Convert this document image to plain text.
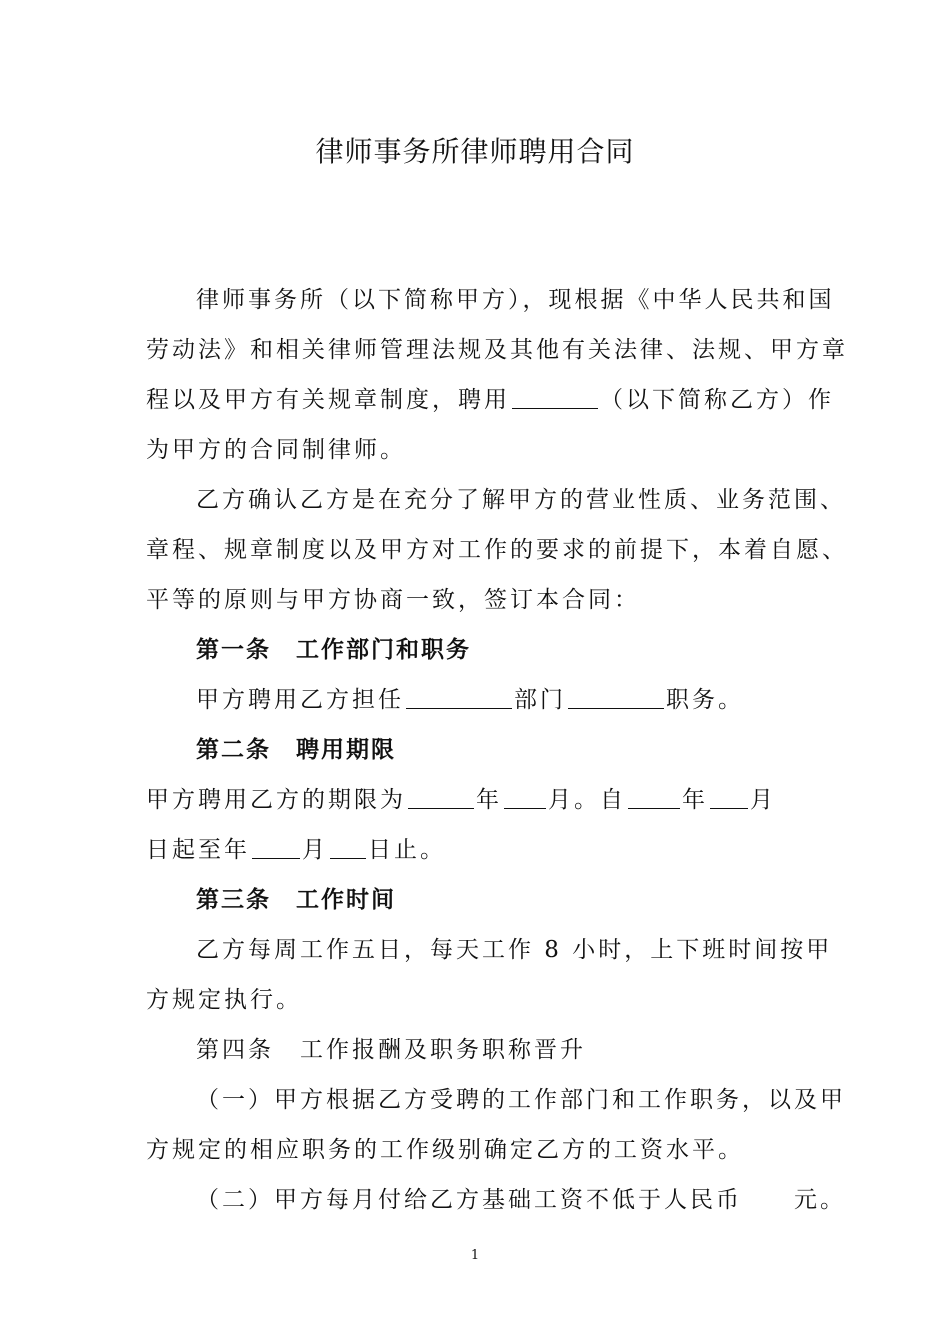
律师事务所律师聘用合同
律师事务所（以下简称甲方），现根据《中华人民共和国
劳动法》和相关律师管理法规及其他有关法律、法规、甲方章
程以及甲方有关规章制度，聘用	（以下简称乙方）作
为甲方的合同制律师。
乙方确认乙方是在充分了解甲方的营业性质、业务范围、
章程、规章制度以及甲方对工作的要求的前提下，本着自愿、
平等的原则与甲方协商一致，签订本合同：
第一条　工作部门和职务
甲方聘用乙方担任	部门	职务。
第二条　聘用期限
甲方聘用乙方的期限为	年 月。自 年 月
日起至年 月 日止。
第三条　工作时间
乙方每周工作五日，每天工作 8 小时，上下班时间按甲
方规定执行。
第四条　工作报酬及职务职称晋升
（一）甲方根据乙方受聘的工作部门和工作职务，以及甲
方规定的相应职务的工作级别确定乙方的工资水平。
（二）甲方每月付给乙方基础工资不低于人民币 元。
1
